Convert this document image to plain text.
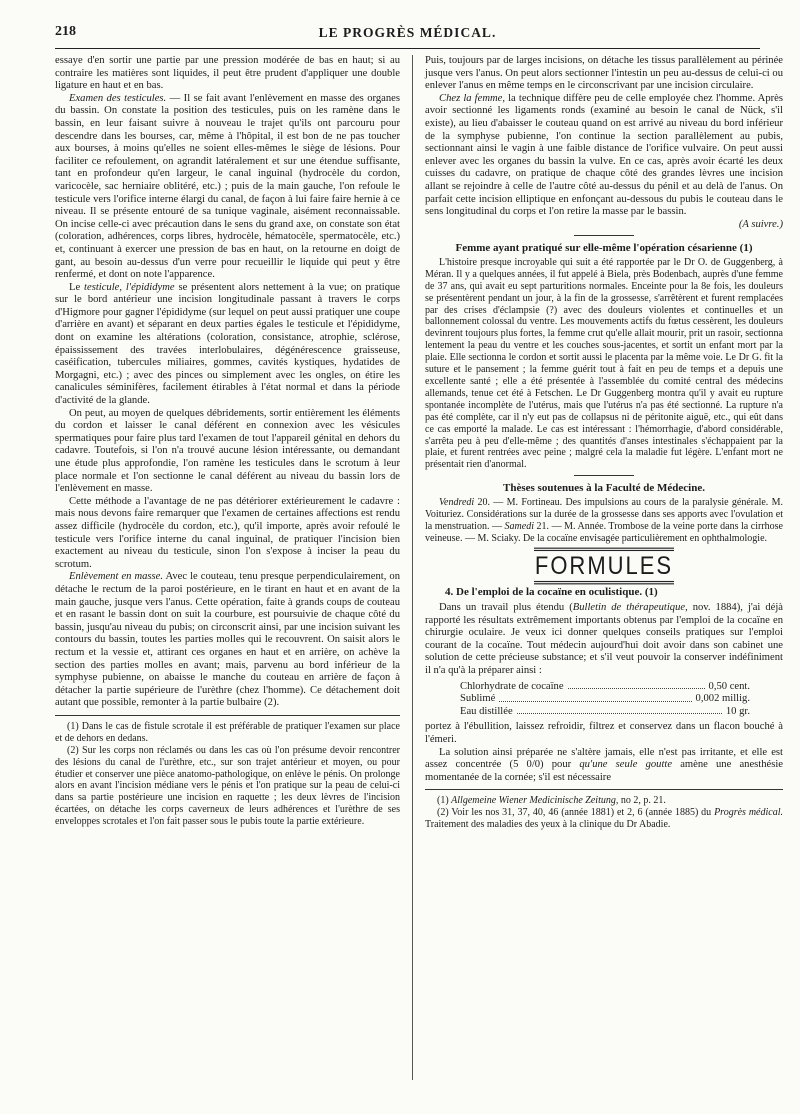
218	LE PROGRÈS MÉDICAL.

essaye d'en sortir une partie par une pression modérée de bas en haut; si au contraire les matières sont liquides, il peut être prudent d'appliquer une double ligature en haut et en bas.

Examen des testicules. — Il se fait avant l'enlèvement en masse des organes du bassin. On constate la position des testicules, puis on les ramène dans le bassin, en leur faisant suivre à nouveau le trajet qu'ils ont parcouru pour descendre dans les bourses, car, même à l'hôpital, il est bon de ne pas toucher aux bourses, à moins qu'elles ne soient elles-mêmes le siège de lésions. Pour faciliter ce refoulement, on agrandit latéralement et sur une étendue suffisante, tant en profondeur qu'en largeur, le canal inguinal (hydrocèle du cordon, varicocèle, sac herniaire oblitéré, etc.) ; puis de la main gauche, l'on refoule le testicule vers l'orifice interne élargi du canal, de façon à lui faire faire hernie à ce niveau. Il se présente entouré de sa tunique vaginale, aisément reconnaissable. On incise celle-ci avec précaution dans le sens du grand axe, on constate son état (coloration, adhérences, corps libres, hydrocèle, hématocèle, spermatocèle, etc.) et, continuant à exercer une pression de bas en haut, on la retourne en doigt de gant, au besoin au-dessus d'un verre pour recueillir le liquide qui peut y être renfermé, et dont on note l'apparence.

Le testicule, l'épididyme se présentent alors nettement à la vue; on pratique sur le bord antérieur une incision longitudinale passant à travers le corps d'Higmore pour gagner l'épididyme (sur lequel on peut aussi pratiquer une coupe d'arrière en avant) et séparant en deux parties égales le testicule et l'épididyme, dont on examine les altérations (coloration, consistance, atrophie, sclérose, épaississement des travées interlobulaires, dégénérescence graisseuse, caséification, tubercules miliaires, gommes, cavités kystiques, hydatides de Morgagni, etc.) ; avec des pinces ou simplement avec les ongles, on étire les canalicules séminifères, facilement étirables à l'état normal et dans la période d'activité de la glande.

On peut, au moyen de quelques débridements, sortir entièrement les éléments du cordon et laisser le canal déférent en connexion avec les vésicules spermatiques pour faire plus tard l'examen de tout l'appareil génital en dehors du cadavre. Toutefois, si l'on n'a trouvé aucune lésion intéressante, ou demandant une étude plus approfondie, l'on ramène les testicules dans le scrotum à leur place normale et l'on sectionne le canal déférent au niveau du bassin lors de l'enlèvement en masse.

Cette méthode a l'avantage de ne pas détériorer extérieurement le cadavre : mais nous devons faire remarquer que l'examen de certaines affections est rendu assez difficile (hydrocèle du cordon, etc.), qu'il importe, après avoir refoulé le testicule vers l'orifice interne du canal inguinal, de pratiquer l'incision bien exactement au niveau du testicule, sinon l'on s'expose à inciser la peau du scrotum.

Enlèvement en masse. Avec le couteau, tenu presque perpendiculairement, on détache le rectum de la paroi postérieure, en le tirant en haut et en avant de la main gauche, jusque vers l'anus. Cette opération, faite à grands coups de couteau et en rasant le bassin dont on suit la courbure, est poursuivie de chaque côté du bassin, jusqu'au niveau du pubis; on circonscrit ainsi, par une incision suivant les contours du bassin, toutes les parties molles qui le recouvrent. On saisit alors le rectum et la vessie et, attirant ces organes en haut et en arrière, on achève la section des parties molles en avant; mais, parvenu au bord inférieur de la symphyse pubienne, on abaisse le manche du couteau en arrière de façon à détacher la partie supérieure de l'urèthre (chez l'homme). Ce détachement doit autant que possible, remonter à la partie bulbaire (2).

(1) Dans le cas de fistule scrotale il est préférable de pratiquer l'examen sur place et de dehors en dedans.

(2) Sur les corps non réclamés ou dans les cas où l'on présume devoir rencontrer des lésions du canal de l'urèthre, etc., sur son trajet antérieur et moyen, ou pour étudier et conserver une pièce anatomo-pathologique, on enlève le pénis. On prolonge alors en avant l'incision médiane vers le pénis et l'on pratique sur la peau de celui-ci dans sa partie postérieure une incision en raquette ; les deux lèvres de l'incision écartées, on détache les corps caverneux de leurs adhérences et l'urèthre de ses enveloppes scrotales et l'on fait passer sous le pubis toute la partie extérieure.

Puis, toujours par de larges incisions, on détache les tissus parallèlement au périnée jusque vers l'anus. On peut alors sectionner l'intestin un peu au-dessus de celui-ci ou enlever l'anus en même temps en le circonscrivant par une incision circulaire.

Chez la femme, la technique diffère peu de celle employée chez l'homme. Après avoir sectionné les ligaments ronds (examiné au besoin le canal de Nück, s'il existe), au lieu d'abaisser le couteau quand on est arrivé au niveau du bord inférieur de la symphyse pubienne, l'on continue la section parallèlement au pubis, sectionnant ainsi le vagin à une faible distance de l'orifice vulvaire. On peut aussi enlever avec les organes du bassin la vulve. En ce cas, après avoir écarté les deux cuisses du cadavre, on pratique de chaque côté des grandes lèvres une incision allant se rejoindre à celle de l'autre côté au-dessus du pénil et au delà de l'anus. On parfait cette incision elliptique en enfonçant au-dessous du pubis le couteau dans le sens longitudinal du corps et l'on retire la masse par le bassin.

(A suivre.)

Femme ayant pratiqué sur elle-même l'opération césarienne (1)

L'histoire presque incroyable qui suit a été rapportée par le Dr O. de Guggenberg, à Méran. Il y a quelques années, il fut appelé à Biela, près Bodenbach, auprès d'une femme de 37 ans, qui avait eu sept parturitions normales. Enceinte pour la 8e fois, les douleurs se présentèrent pendant un jour, à la fin de la grossesse, s'arrêtèrent et furent remplacées par des crises d'éclampsie (?) avec des douleurs violentes et continuelles et un ballonnement colossal du ventre. Les mouvements actifs du fœtus cessèrent, les douleurs devinrent toujours plus fortes, la femme crut qu'elle allait mourir, prit un rasoir, sectionna lentement la peau du ventre et les couches sous-jacentes, et sortit un enfant mort par la plaie. Elle sectionna le cordon et sortit aussi le placenta par la même voie. Le Dr G. fit la suture et le pansement ; la femme guérit tout à fait en peu de temps et a depuis une excellente santé ; elle a été présentée à l'assemblée du comité central des médecins allemands, tenue cet été à Fetschen. Le Dr Guggenberg montra qu'il y avait eu rupture spontanée incomplète de l'utérus, mais que l'utérus n'a pas été sectionné. La rupture n'a pas été complète, car il n'y eut pas de collapsus ni de péritonite aiguë, etc., qui eût dans ce cas emporté la malade. Le cas est intéressant : l'hémorrhagie, d'abord considérable, s'arrêta peu à peu d'elle-même ; des quantités d'anses intestinales s'échappaient par la plaie, et furent rentrées avec peine ; malgré cela la maladie fut légère. L'enfant mort ne présentait rien d'anormal.

Thèses soutenues à la Faculté de Médecine.

Vendredi 20. — M. Fortineau. Des impulsions au cours de la paralysie générale. M. Voituriez. Considérations sur la durée de la grossesse dans ses apports avec l'ovulation et la menstruation. — Samedi 21. — M. Année. Trombose de la veine porte dans la cirrhose veineuse. — M. Sciaky. De la cocaïne envisagée particulièrement en ophthalmologie.

FORMULES
4. De l'emploi de la cocaïne en oculistique. (1)

Dans un travail plus étendu (Bulletin de thérapeutique, nov. 1884), j'ai déjà rapporté les résultats extrêmement importants obtenus par l'emploi de la cocaïne en chirurgie oculaire. Je veux ici donner quelques conseils pratiques sur l'emploi courant de la cocaïne. Tout médecin aujourd'hui doit avoir dans son cabinet une solution de cette précieuse substance; et s'il veut pouvoir la conserver indéfiniment il n'a qu'à la préparer ainsi :

Chlorhydrate de cocaïne	0,50 cent.
Sublimé	0,002 millig.
Eau distillée	10 gr.

portez à l'ébullition, laissez refroidir, filtrez et conservez dans un flacon bouché à l'émeri.

La solution ainsi préparée ne s'altère jamais, elle n'est pas irritante, et elle est assez concentrée (5 0/0) pour qu'une seule goutte amène une anesthésie momentanée de la cornée; s'il est nécessaire

(1) Allgemeine Wiener Medicinische Zeitung, no 2, p. 21.

(2) Voir les nos 31, 37, 40, 46 (année 1881) et 2, 6 (année 1885) du Progrès médical. Traitement des maladies des yeux à la clinique du Dr Abadie.
